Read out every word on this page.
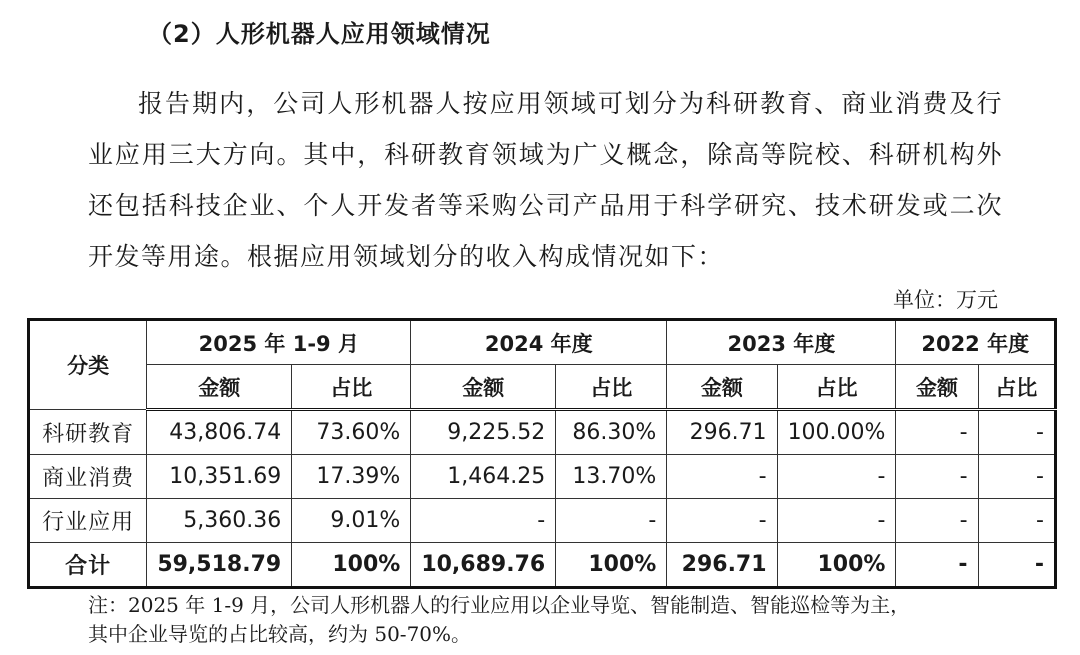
（2）人形机器人应用领域情况

报告期内，公司人形机器人按应用领域可划分为科研教育、商业消费及行业应用三大方向。其中，科研教育领域为广义概念，除高等院校、科研机构外还包括科技企业、个人开发者等采购公司产品用于科学研究、技术研发或二次开发等用途。根据应用领域划分的收入构成情况如下：

单位：万元
分类	2025 年 1-9 月		2024 年度		2023 年度		2022 年度	
	金额	占比	金额	占比	金额	占比	金额	占比
科研教育	43,806.74	73.60%	9,225.52	86.30%	296.71	100.00%	-	-
商业消费	10,351.69	17.39%	1,464.25	13.70%	-	-	-	-
行业应用	5,360.36	9.01%	-	-	-	-	-	-
合计	59,518.79	100%	10,689.76	100%	296.71	100%	-	-

注：2025 年 1-9 月，公司人形机器人的行业应用以企业导览、智能制造、智能巡检等为主，
其中企业导览的占比较高，约为 50-70%。
